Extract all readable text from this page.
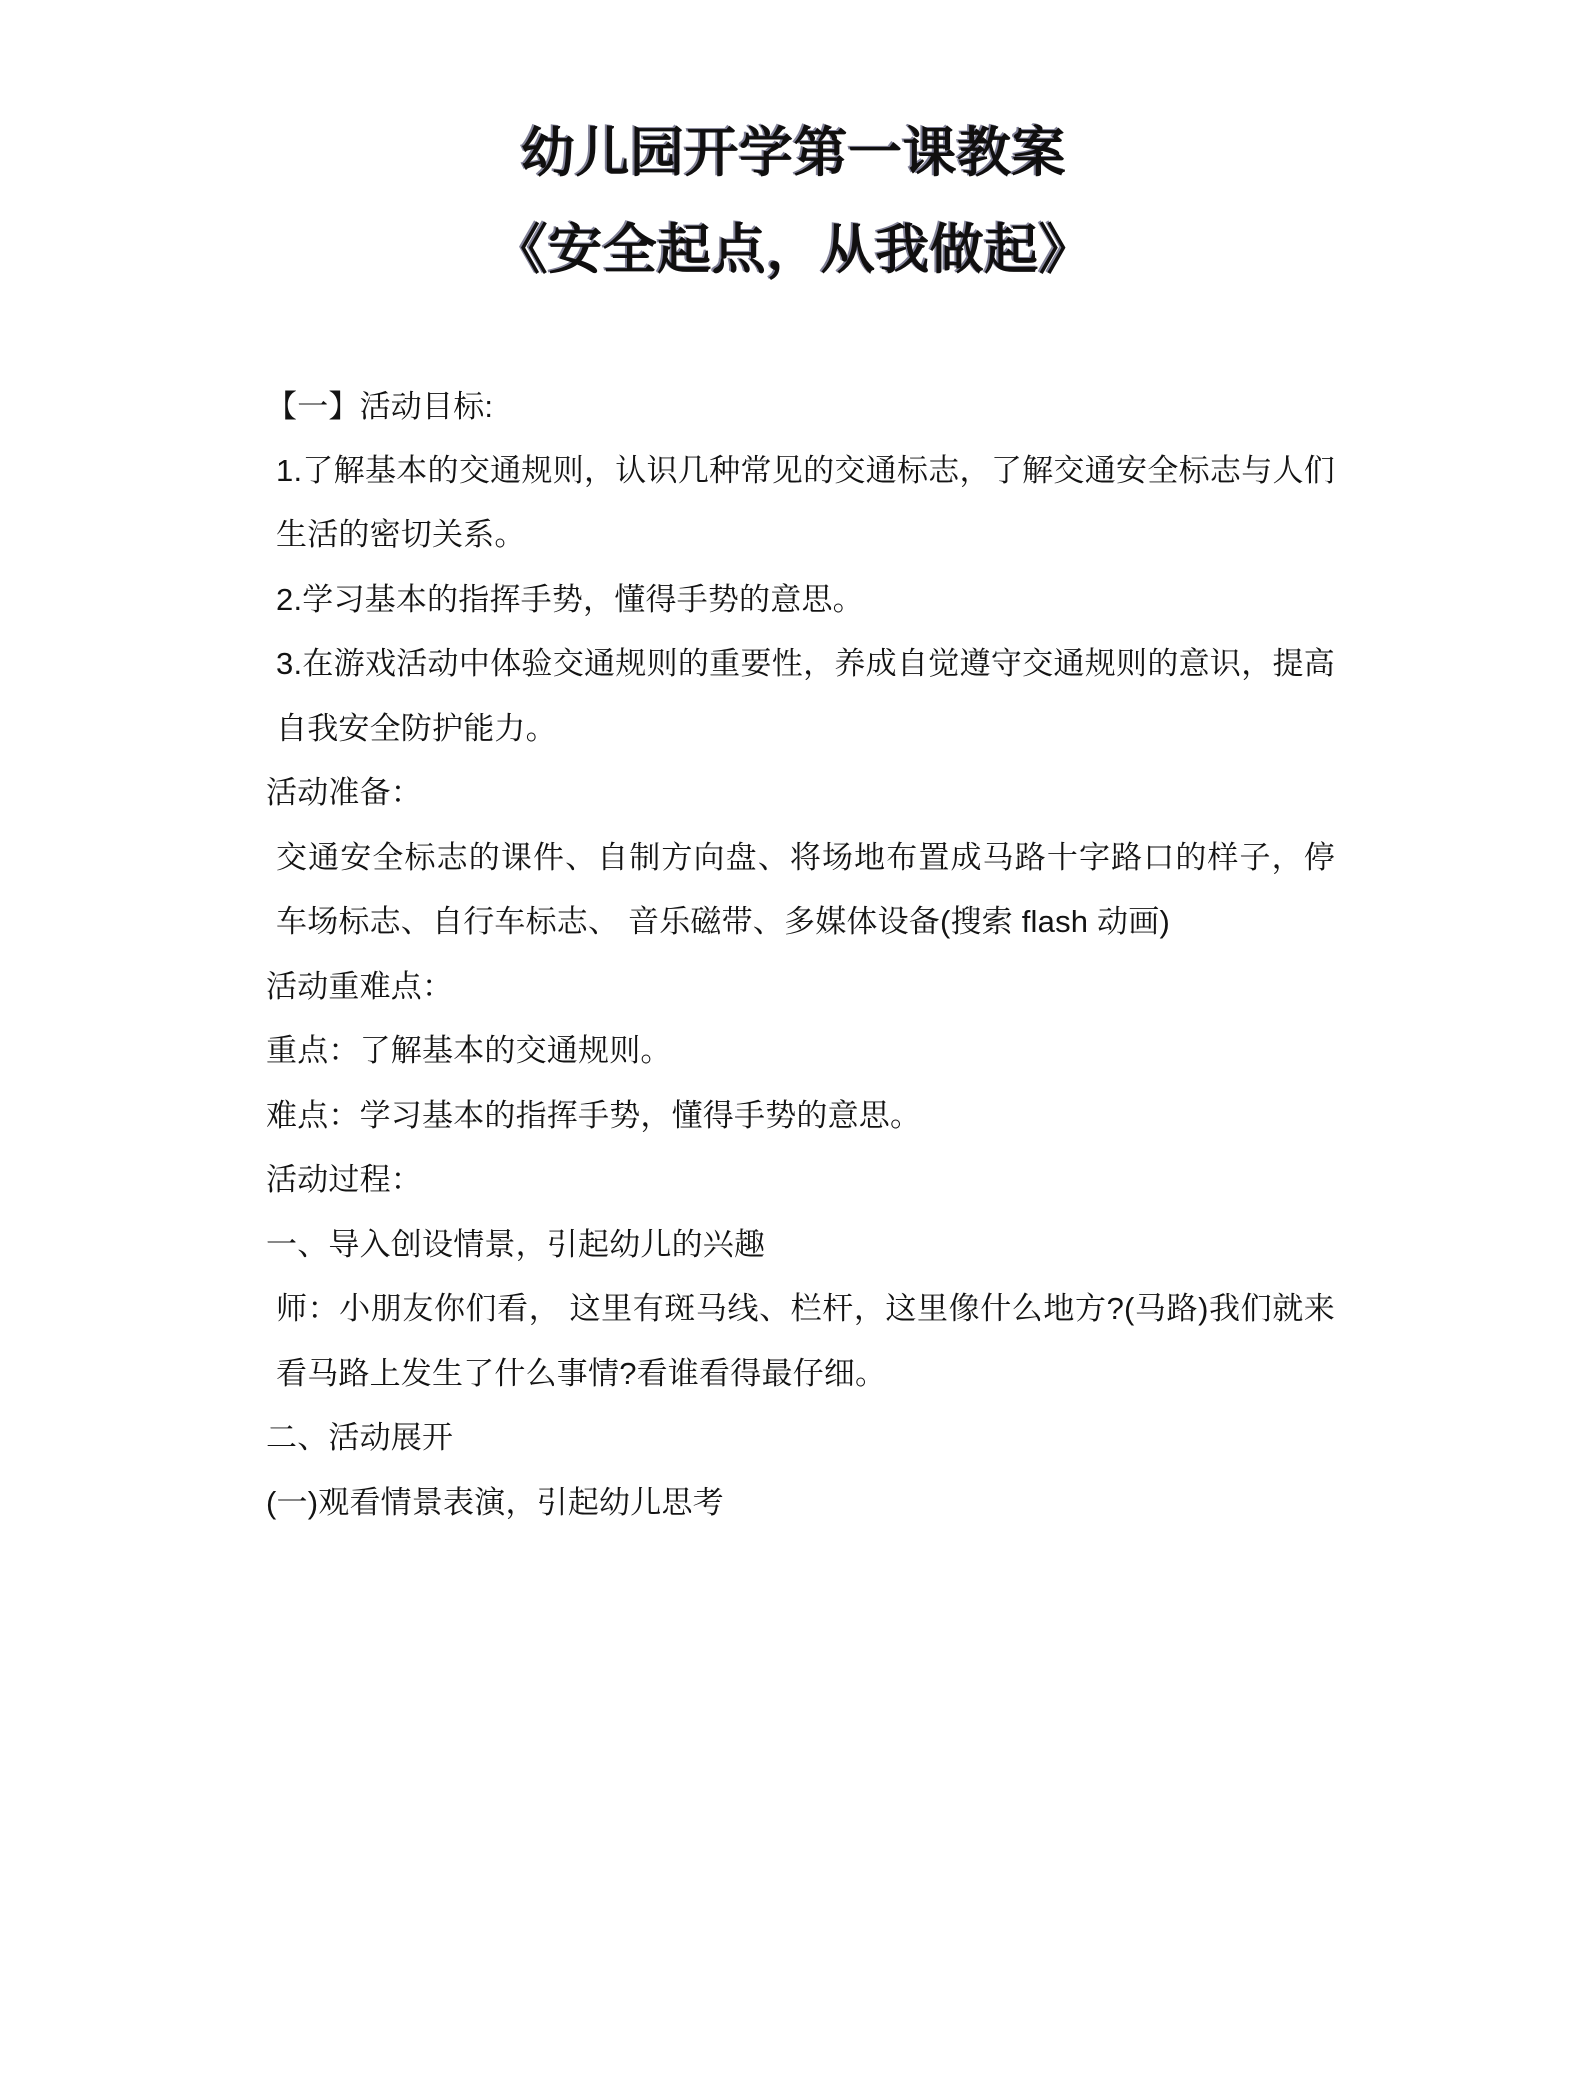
幼儿园开学第一课教案
《安全起点，从我做起》

【一】活动目标:

1.了解基本的交通规则，认识几种常见的交通标志，了解交通安全标志与人们生活的密切关系。

2.学习基本的指挥手势，懂得手势的意思。

3.在游戏活动中体验交通规则的重要性，养成自觉遵守交通规则的意识，提高自我安全防护能力。

活动准备：

交通安全标志的课件、自制方向盘、将场地布置成马路十字路口的样子，停车场标志、自行车标志、 音乐磁带、多媒体设备(搜索 flash 动画)

活动重难点：

重点：了解基本的交通规则。

难点：学习基本的指挥手势，懂得手势的意思。

活动过程：

一、导入创设情景，引起幼儿的兴趣

师：小朋友你们看， 这里有斑马线、栏杆，这里像什么地方?(马路)我们就来看马路上发生了什么事情?看谁看得最仔细。

二、活动展开

(一)观看情景表演，引起幼儿思考
